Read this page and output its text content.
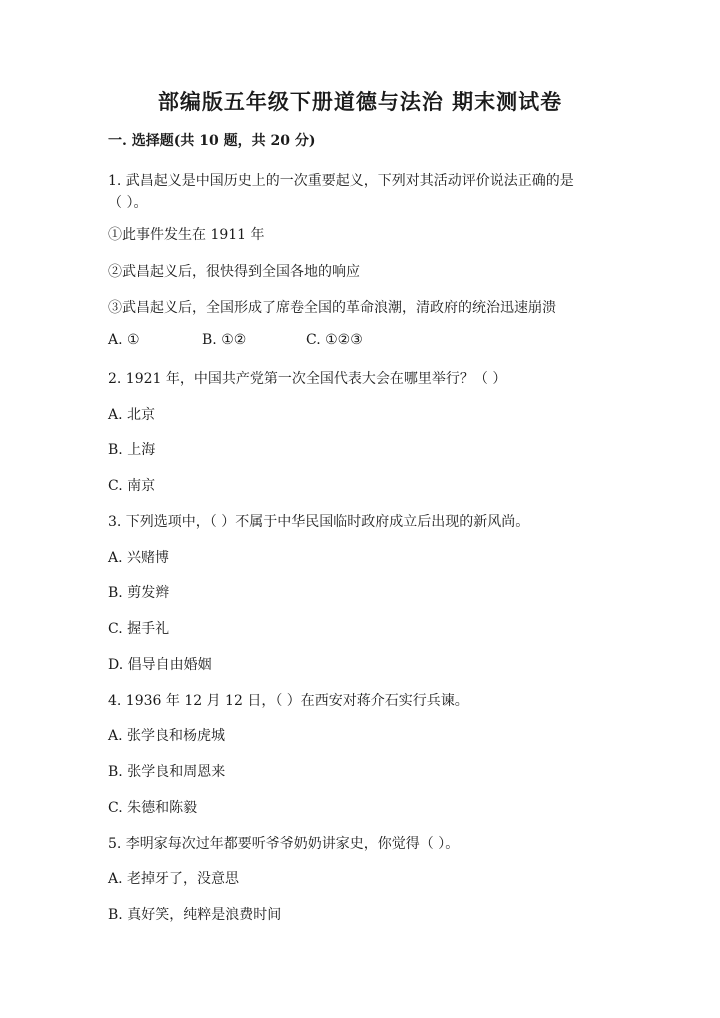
部编版五年级下册道德与法治 期末测试卷
一. 选择题(共 10 题，共 20 分)
1. 武昌起义是中国历史上的一次重要起义，下列对其活动评价说法正确的是
（ ）。
①此事件发生在 1911 年
②武昌起义后，很快得到全国各地的响应
③武昌起义后，全国形成了席卷全国的革命浪潮，清政府的统治迅速崩溃
A. ①	B. ①②	C. ①②③
2. 1921 年，中国共产党第一次全国代表大会在哪里举行？（ ）
A. 北京
B. 上海
C. 南京
3. 下列选项中，（ ）不属于中华民国临时政府成立后出现的新风尚。
A. 兴赌博
B. 剪发辫
C. 握手礼
D. 倡导自由婚姻
4. 1936 年 12 月 12 日，（ ）在西安对蒋介石实行兵谏。
A. 张学良和杨虎城
B. 张学良和周恩来
C. 朱德和陈毅
5. 李明家每次过年都要听爷爷奶奶讲家史，你觉得（ ）。
A. 老掉牙了，没意思
B. 真好笑，纯粹是浪费时间
